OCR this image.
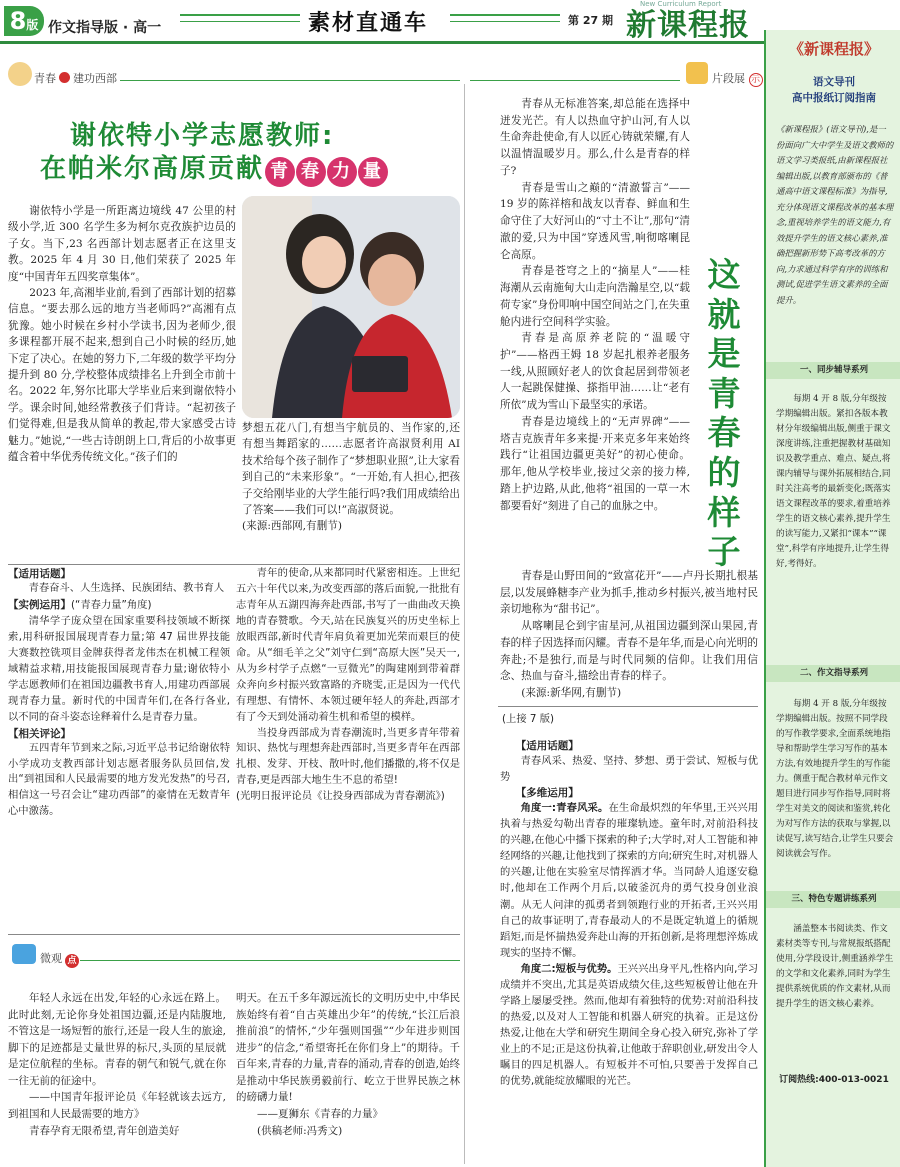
8版 作文指导版 · 高一	素材直通车	第 27 期
New Curriculum Report
新课程报
《新课程报》
语文导刊
高中报纸订阅指南
《新课程报》(语文导刊),是一份面向广大中学生及语文教师的语文学习类报纸,由新课程报社编辑出版,以教育部颁布的《普通高中语文课程标准》为指导,充分体现语文课程改革的基本理念,重视培养学生的语文能力,有效提升学生的语文核心素养,准确把握新形势下高考改革的方向,力求通过科学有序的训练和测试,促进学生语文素养的全面提升。
一、同步辅导系列
每期 4 开 8 版,分年级按学期编辑出版。紧扣各版本教材分年级编辑出版,侧重于课文深度讲练,注重把握教材基础知识及教学重点、难点、疑点,将课内辅导与课外拓展相结合,同时关注高考的最新变化;既落实语文课程改革的要求,着重培养学生的语文核心素养,提升学生的读写能力,又紧扣“课本”“课堂”,科学有序地提升,让学生得好,考得好。
二、作文指导系列
每期 4 开 8 版,分年级按学期编辑出版。按照不同学段的写作教学要求,全面系统地指导和帮助学生学习写作的基本方法,有效地提升学生的写作能力。侧重于配合教材单元作文题目进行同步写作指导,同时将学生对美文的阅读和鉴赏,转化为对写作方法的获取与掌握,以读促写,读写结合,让学生只要会阅读就会写作。
三、特色专题讲练系列
涵盖整本书阅读类、作文素材类等专刊,与常规报纸搭配使用,分学段设计,侧重涵养学生的文学和文化素养,同时为学生提供系统优质的作文素材,从而提升学生的语文核心素养。
订阅热线:400-013-0021
青春 建功西部	片段展 示
谢依特小学志愿教师:
在帕米尔高原贡献 青 春 力 量

谢依特小学是一所距离边境线 47 公里的村级小学,近 300 名学生多为柯尔克孜族护边员的子女。当下,23 名西部计划志愿者正在这里支教。2025 年 4 月 30 日,他们荣获了 2025 年度“中国青年五四奖章集体”。

2023 年,高湘毕业前,看到了西部计划的招募信息。“要去那么远的地方当老师吗?”高湘有点犹豫。她小时候在乡村小学读书,因为老师少,很多课程都开展不起来,想到自己小时候的经历,她下定了决心。在她的努力下,二年级的数学平均分提升到 80 分,学校整体成绩排名上升到全市前十名。2022 年,努尔比耶大学毕业后来到谢依特小学。课余时间,她经常教孩子们背诗。“起初孩子们觉得难,但是我从简单的教起,带大家感受古诗魅力。”她说,“一些古诗朗朗上口,背后的小故事更蕴含着中华优秀传统文化。”孩子们的

梦想五花八门,有想当宇航员的、当作家的,还有想当舞蹈家的……志愿者许高淑贤利用 AI 技术给每个孩子制作了“梦想职业照”,让大家看到自己的“未来形象”。“一开始,有人担心,把孩子交给刚毕业的大学生能行吗?我们用成绩给出了答案——我们可以!”高淑贤说。

(来源:西部网,有删节)

【适用话题】

青春奋斗、人生选择、民族团结、教书育人

【实例运用】(“青春力量”角度)

清华学子庞众望在国家重要科技领域不断探索,用科研报国展现青春力量;第 47 届世界技能大赛数控铣项目金牌获得者龙伟杰在机械工程领域精益求精,用技能报国展现青春力量;谢依特小学志愿教师们在祖国边疆教书育人,用建功西部展现青春力量。新时代的中国青年们,在各行各业,以不同的奋斗姿态诠释着什么是青春力量。

【相关评论】

五四青年节到来之际,习近平总书记给谢依特小学成功支教西部计划志愿者服务队员回信,发出“到祖国和人民最需要的地方发光发热”的号召,相信这一号召会让“建功西部”的豪情在无数青年心中激荡。

青年的使命,从来都同时代紧密相连。上世纪五六十年代以来,为改变西部的落后面貌,一批批有志青年从五湖四海奔赴西部,书写了一曲曲改天换地的青春赞歌。今天,站在民族复兴的历史坐标上放眼西部,新时代青年肩负着更加光荣而艰巨的使命。从“细毛羊之父”刘守仁到“高原大医”吴天一,从为乡村学子点燃“一豆微光”的陶建刚到带着群众奔向乡村振兴致富路的齐晓雯,正是因为一代代有理想、有情怀、本领过硬年轻人的奔赴,西部才有了今天到处涌动着生机和希望的模样。

当投身西部成为青春潮流时,当更多青年带着知识、热忱与理想奔赴西部时,当更多青年在西部扎根、发芽、开枝、散叶时,他们播撒的,将不仅是青春,更是西部大地生生不息的希望!

(光明日报评论员《让投身西部成为青春潮流》)

微观 点

年轻人永远在出发,年轻的心永远在路上。此时此刻,无论你身处祖国边疆,还是内陆腹地,不管这是一场短暂的旅行,还是一段人生的旅途,脚下的足迹都是丈量世界的标尺,头顶的星辰就是定位航程的坐标。青春的朝气和锐气,就在你一往无前的征途中。

——中国青年报评论员《年轻就该去远方,到祖国和人民最需要的地方》

青春孕育无限希望,青年创造美好

明天。在五千多年源远流长的文明历史中,中华民族始终有着“自古英雄出少年”的传统,“长江后浪推前浪”的情怀,“少年强则国强”“少年进步则国进步”的信念,“希望寄托在你们身上”的期待。千百年来,青春的力量,青春的涌动,青春的创造,始终是推动中华民族勇毅前行、屹立于世界民族之林的磅礴力量!

——夏狮东《青春的力量》

(供稿老师:冯秀文)

青春从无标准答案,却总能在选择中迸发光芒。有人以热血守护山河,有人以生命奔赴使命,有人以匠心铸就荣耀,有人以温情温暖岁月。那么,什么是青春的样子?

青春是雪山之巅的“清澈誓言”——19 岁的陈祥榕和战友以青春、鲜血和生命守住了大好河山的“寸土不让”,那句“清澈的爱,只为中国”穿透风雪,响彻喀喇昆仑高原。

青春是苍穹之上的“摘星人”——桂海潮从云南施甸大山走向浩瀚星空,以“载荷专家”身份叩响中国空间站之门,在失重舱内进行空间科学实验。

青春是高原养老院的“温暖守护”——格西王姆 18 岁起扎根养老服务一线,从照顾好老人的饮食起居到带领老人一起跳保健操、搽指甲油……让“老有所依”成为雪山下最坚实的承诺。

青春是边境线上的“无声界碑”——塔吉克族青年多来提·开来克多年来始终践行“让祖国边疆更美好”的初心使命。那年,他从学校毕业,接过父亲的接力棒,踏上护边路,从此,他将“祖国的一草一木都要看好”刻进了自己的血脉之中。

这
就
是
青
春
的
样
子

青春是山野田间的“致富花开”——卢丹长期扎根基层,以发展蜂糖李产业为抓手,推动乡村振兴,被当地村民亲切地称为“甜书记”。

从喀喇昆仑到宇宙星河,从祖国边疆到深山果园,青春的样子因选择而闪耀。青春不是年华,而是心向光明的奔赴;不是独行,而是与时代同频的信仰。让我们用信念、热血与奋斗,描绘出青春的样子。

(来源:新华网,有删节)

(上接 7 版)
【适用话题】

青春风采、热爱、坚持、梦想、勇于尝试、短板与优势

【多维运用】

角度一:青春风采。在生命最炽烈的年华里,王兴兴用执着与热爱勾勒出青春的璀璨轨迹。童年时,对前沿科技的兴趣,在他心中播下探索的种子;大学时,对人工智能和神经网络的兴趣,让他找到了探索的方向;研究生时,对机器人的兴趣,让他在实验室尽情挥洒才华。当同龄人追逐安稳时,他却在工作两个月后,以破釜沉舟的勇气投身创业浪潮。从无人问津的孤勇者到领跑行业的开拓者,王兴兴用自己的故事证明了,青春最动人的不是既定轨道上的循规蹈矩,而是怀揣热爱奔赴山海的开拓创新,是将理想淬炼成现实的坚持不懈。

角度二:短板与优势。王兴兴出身平凡,性格内向,学习成绩并不突出,尤其是英语成绩欠佳,这些短板曾让他在升学路上屡屡受挫。然而,他却有着独特的优势:对前沿科技的热爱,以及对人工智能和机器人研究的执着。正是这份热爱,让他在大学和研究生期间全身心投入研究,弥补了学业上的不足;正是这份执着,让他敢于辞职创业,研发出令人瞩目的四足机器人。有短板并不可怕,只要善于发挥自己的优势,就能绽放耀眼的光芒。
